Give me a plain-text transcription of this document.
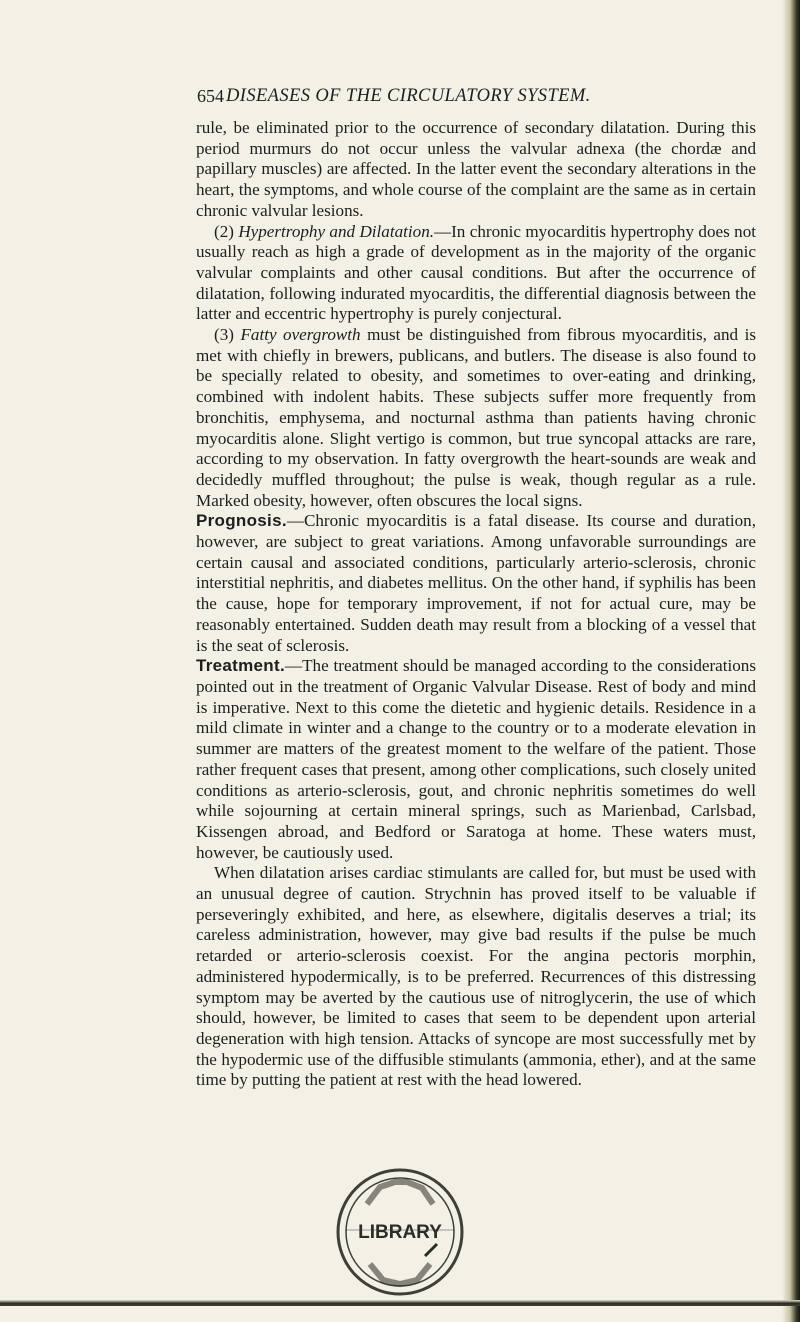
654 DISEASES OF THE CIRCULATORY SYSTEM.

rule, be eliminated prior to the occurrence of secondary dilatation. During this period murmurs do not occur unless the valvular adnexa (the chordæ and papillary muscles) are affected. In the latter event the secondary alterations in the heart, the symptoms, and whole course of the complaint are the same as in certain chronic valvular lesions.

(2) Hypertrophy and Dilatation.—In chronic myocarditis hypertrophy does not usually reach as high a grade of development as in the majority of the organic valvular complaints and other causal conditions. But after the occurrence of dilatation, following indurated myocarditis, the differential diagnosis between the latter and eccentric hypertrophy is purely conjectural.

(3) Fatty overgrowth must be distinguished from fibrous myocarditis, and is met with chiefly in brewers, publicans, and butlers. The disease is also found to be specially related to obesity, and sometimes to over-eating and drinking, combined with indolent habits. These subjects suffer more frequently from bronchitis, emphysema, and nocturnal asthma than patients having chronic myocarditis alone. Slight vertigo is common, but true syncopal attacks are rare, according to my observation. In fatty overgrowth the heart-sounds are weak and decidedly muffled throughout; the pulse is weak, though regular as a rule. Marked obesity, however, often obscures the local signs.

Prognosis.—Chronic myocarditis is a fatal disease. Its course and duration, however, are subject to great variations. Among unfavorable surroundings are certain causal and associated conditions, particularly arterio-sclerosis, chronic interstitial nephritis, and diabetes mellitus. On the other hand, if syphilis has been the cause, hope for temporary improvement, if not for actual cure, may be reasonably entertained. Sudden death may result from a blocking of a vessel that is the seat of sclerosis.

Treatment.—The treatment should be managed according to the considerations pointed out in the treatment of Organic Valvular Disease. Rest of body and mind is imperative. Next to this come the dietetic and hygienic details. Residence in a mild climate in winter and a change to the country or to a moderate elevation in summer are matters of the greatest moment to the welfare of the patient. Those rather frequent cases that present, among other complications, such closely united conditions as arterio-sclerosis, gout, and chronic nephritis sometimes do well while sojourning at certain mineral springs, such as Marienbad, Carlsbad, Kissengen abroad, and Bedford or Saratoga at home. These waters must, however, be cautiously used.

When dilatation arises cardiac stimulants are called for, but must be used with an unusual degree of caution. Strychnin has proved itself to be valuable if perseveringly exhibited, and here, as elsewhere, digitalis deserves a trial; its careless administration, however, may give bad results if the pulse be much retarded or arterio-sclerosis coexist. For the angina pectoris morphin, administered hypodermically, is to be preferred. Recurrences of this distressing symptom may be averted by the cautious use of nitroglycerin, the use of which should, however, be limited to cases that seem to be dependent upon arterial degeneration with high tension. Attacks of syncope are most successfully met by the hypodermic use of the diffusible stimulants (ammonia, ether), and at the same time by putting the patient at rest with the head lowered.

LIBRARY
